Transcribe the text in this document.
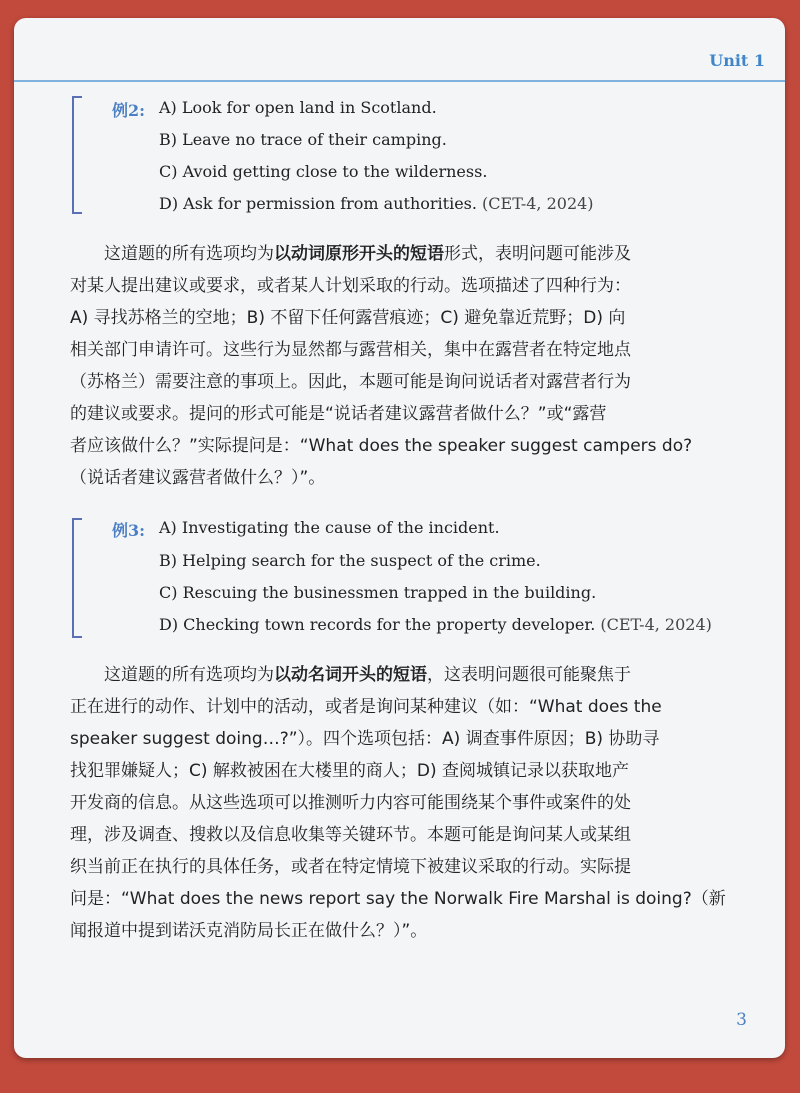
Unit 1
例2: A) Look for open land in Scotland.
B) Leave no trace of their camping.
C) Avoid getting close to the wilderness.
D) Ask for permission from authorities. (CET-4, 2024)
这道题的所有选项均为以动词原形开头的短语形式，表明问题可能涉及
对某人提出建议或要求，或者某人计划采取的行动。选项描述了四种行为：
A) 寻找苏格兰的空地；B) 不留下任何露营痕迹；C) 避免靠近荒野；D) 向
相关部门申请许可。这些行为显然都与露营相关，集中在露营者在特定地点
（苏格兰）需要注意的事项上。因此，本题可能是询问说话者对露营者行为
的建议或要求。提问的形式可能是“说话者建议露营者做什么？”或“露营
者应该做什么？”实际提问是：“What does the speaker suggest campers do?
（说话者建议露营者做什么？）”。
例3: A) Investigating the cause of the incident.
B) Helping search for the suspect of the crime.
C) Rescuing the businessmen trapped in the building.
D) Checking town records for the property developer. (CET-4, 2024)
这道题的所有选项均为以动名词开头的短语，这表明问题很可能聚焦于
正在进行的动作、计划中的活动，或者是询问某种建议（如：“What does the
speaker suggest doing…?”）。四个选项包括：A) 调查事件原因；B) 协助寻
找犯罪嫌疑人；C) 解救被困在大楼里的商人；D) 查阅城镇记录以获取地产
开发商的信息。从这些选项可以推测听力内容可能围绕某个事件或案件的处
理，涉及调查、搜救以及信息收集等关键环节。本题可能是询问某人或某组
织当前正在执行的具体任务，或者在特定情境下被建议采取的行动。实际提
问是：“What does the news report say the Norwalk Fire Marshal is doing?（新
闻报道中提到诺沃克消防局长正在做什么？）”。
3
